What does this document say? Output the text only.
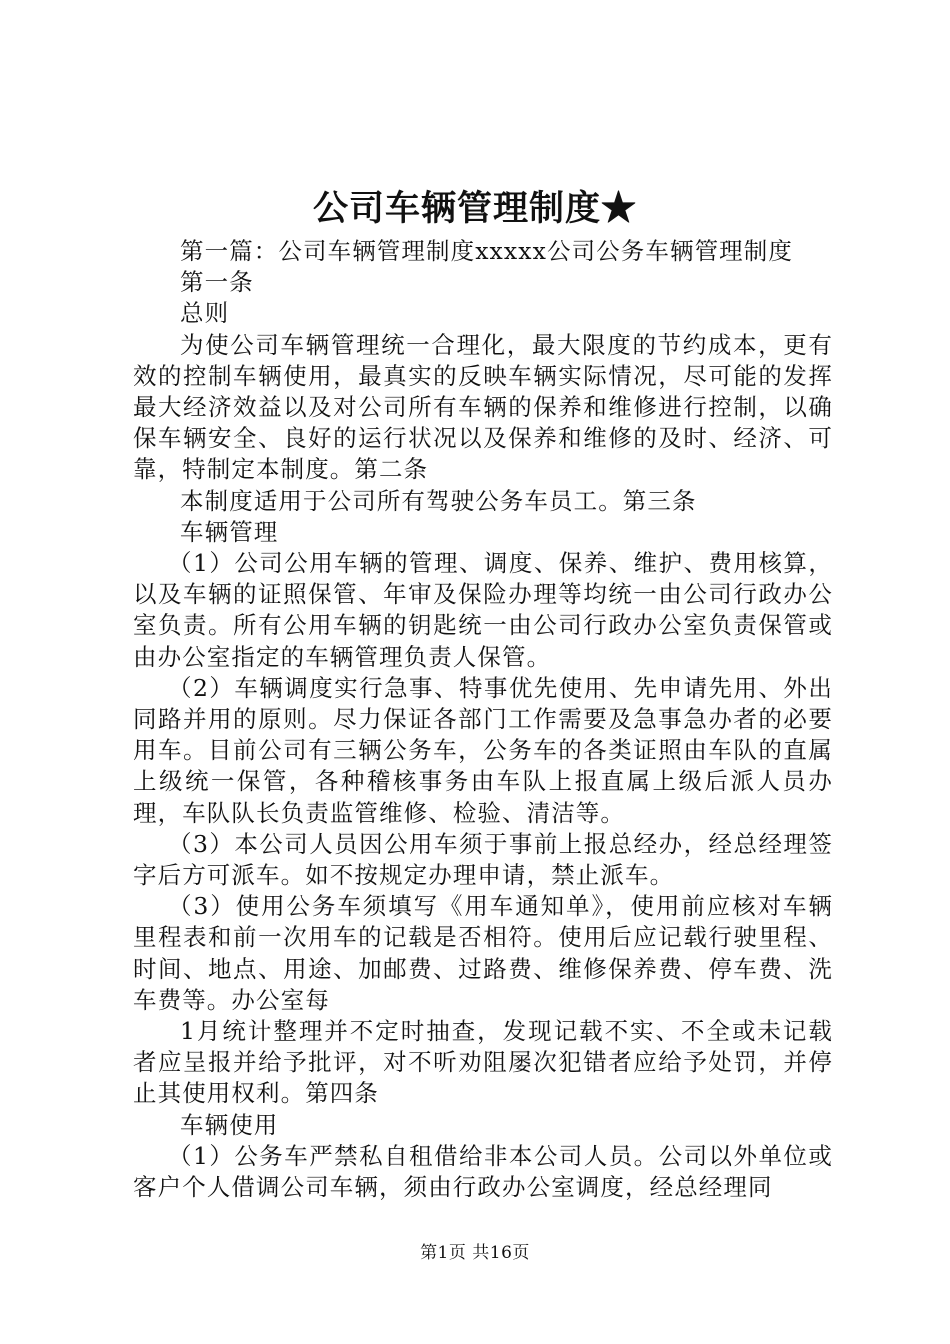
公司车辆管理制度★

第一篇：公司车辆管理制度xxxxx公司公务车辆管理制度

第一条

总则

为使公司车辆管理统一合理化，最大限度的节约成本，更有效的控制车辆使用，最真实的反映车辆实际情况，尽可能的发挥最大经济效益以及对公司所有车辆的保养和维修进行控制，以确保车辆安全、良好的运行状况以及保养和维修的及时、经济、可靠，特制定本制度。第二条

本制度适用于公司所有驾驶公务车员工。第三条

车辆管理

（1）公司公用车辆的管理、调度、保养、维护、费用核算，以及车辆的证照保管、年审及保险办理等均统一由公司行政办公室负责。所有公用车辆的钥匙统一由公司行政办公室负责保管或由办公室指定的车辆管理负责人保管。

（2）车辆调度实行急事、特事优先使用、先申请先用、外出同路并用的原则。尽力保证各部门工作需要及急事急办者的必要用车。目前公司有三辆公务车，公务车的各类证照由车队的直属上级统一保管，各种稽核事务由车队上报直属上级后派人员办理，车队队长负责监管维修、检验、清洁等。

（3）本公司人员因公用车须于事前上报总经办，经总经理签字后方可派车。如不按规定办理申请，禁止派车。

（3）使用公务车须填写《用车通知单》，使用前应核对车辆里程表和前一次用车的记载是否相符。使用后应记载行驶里程、时间、地点、用途、加邮费、过路费、维修保养费、停车费、洗车费等。办公室每

1月统计整理并不定时抽查，发现记载不实、不全或未记载者应呈报并给予批评，对不听劝阻屡次犯错者应给予处罚，并停止其使用权利。第四条

车辆使用

（1）公务车严禁私自租借给非本公司人员。公司以外单位或客户个人借调公司车辆，须由行政办公室调度，经总经理同

第1页 共16页
